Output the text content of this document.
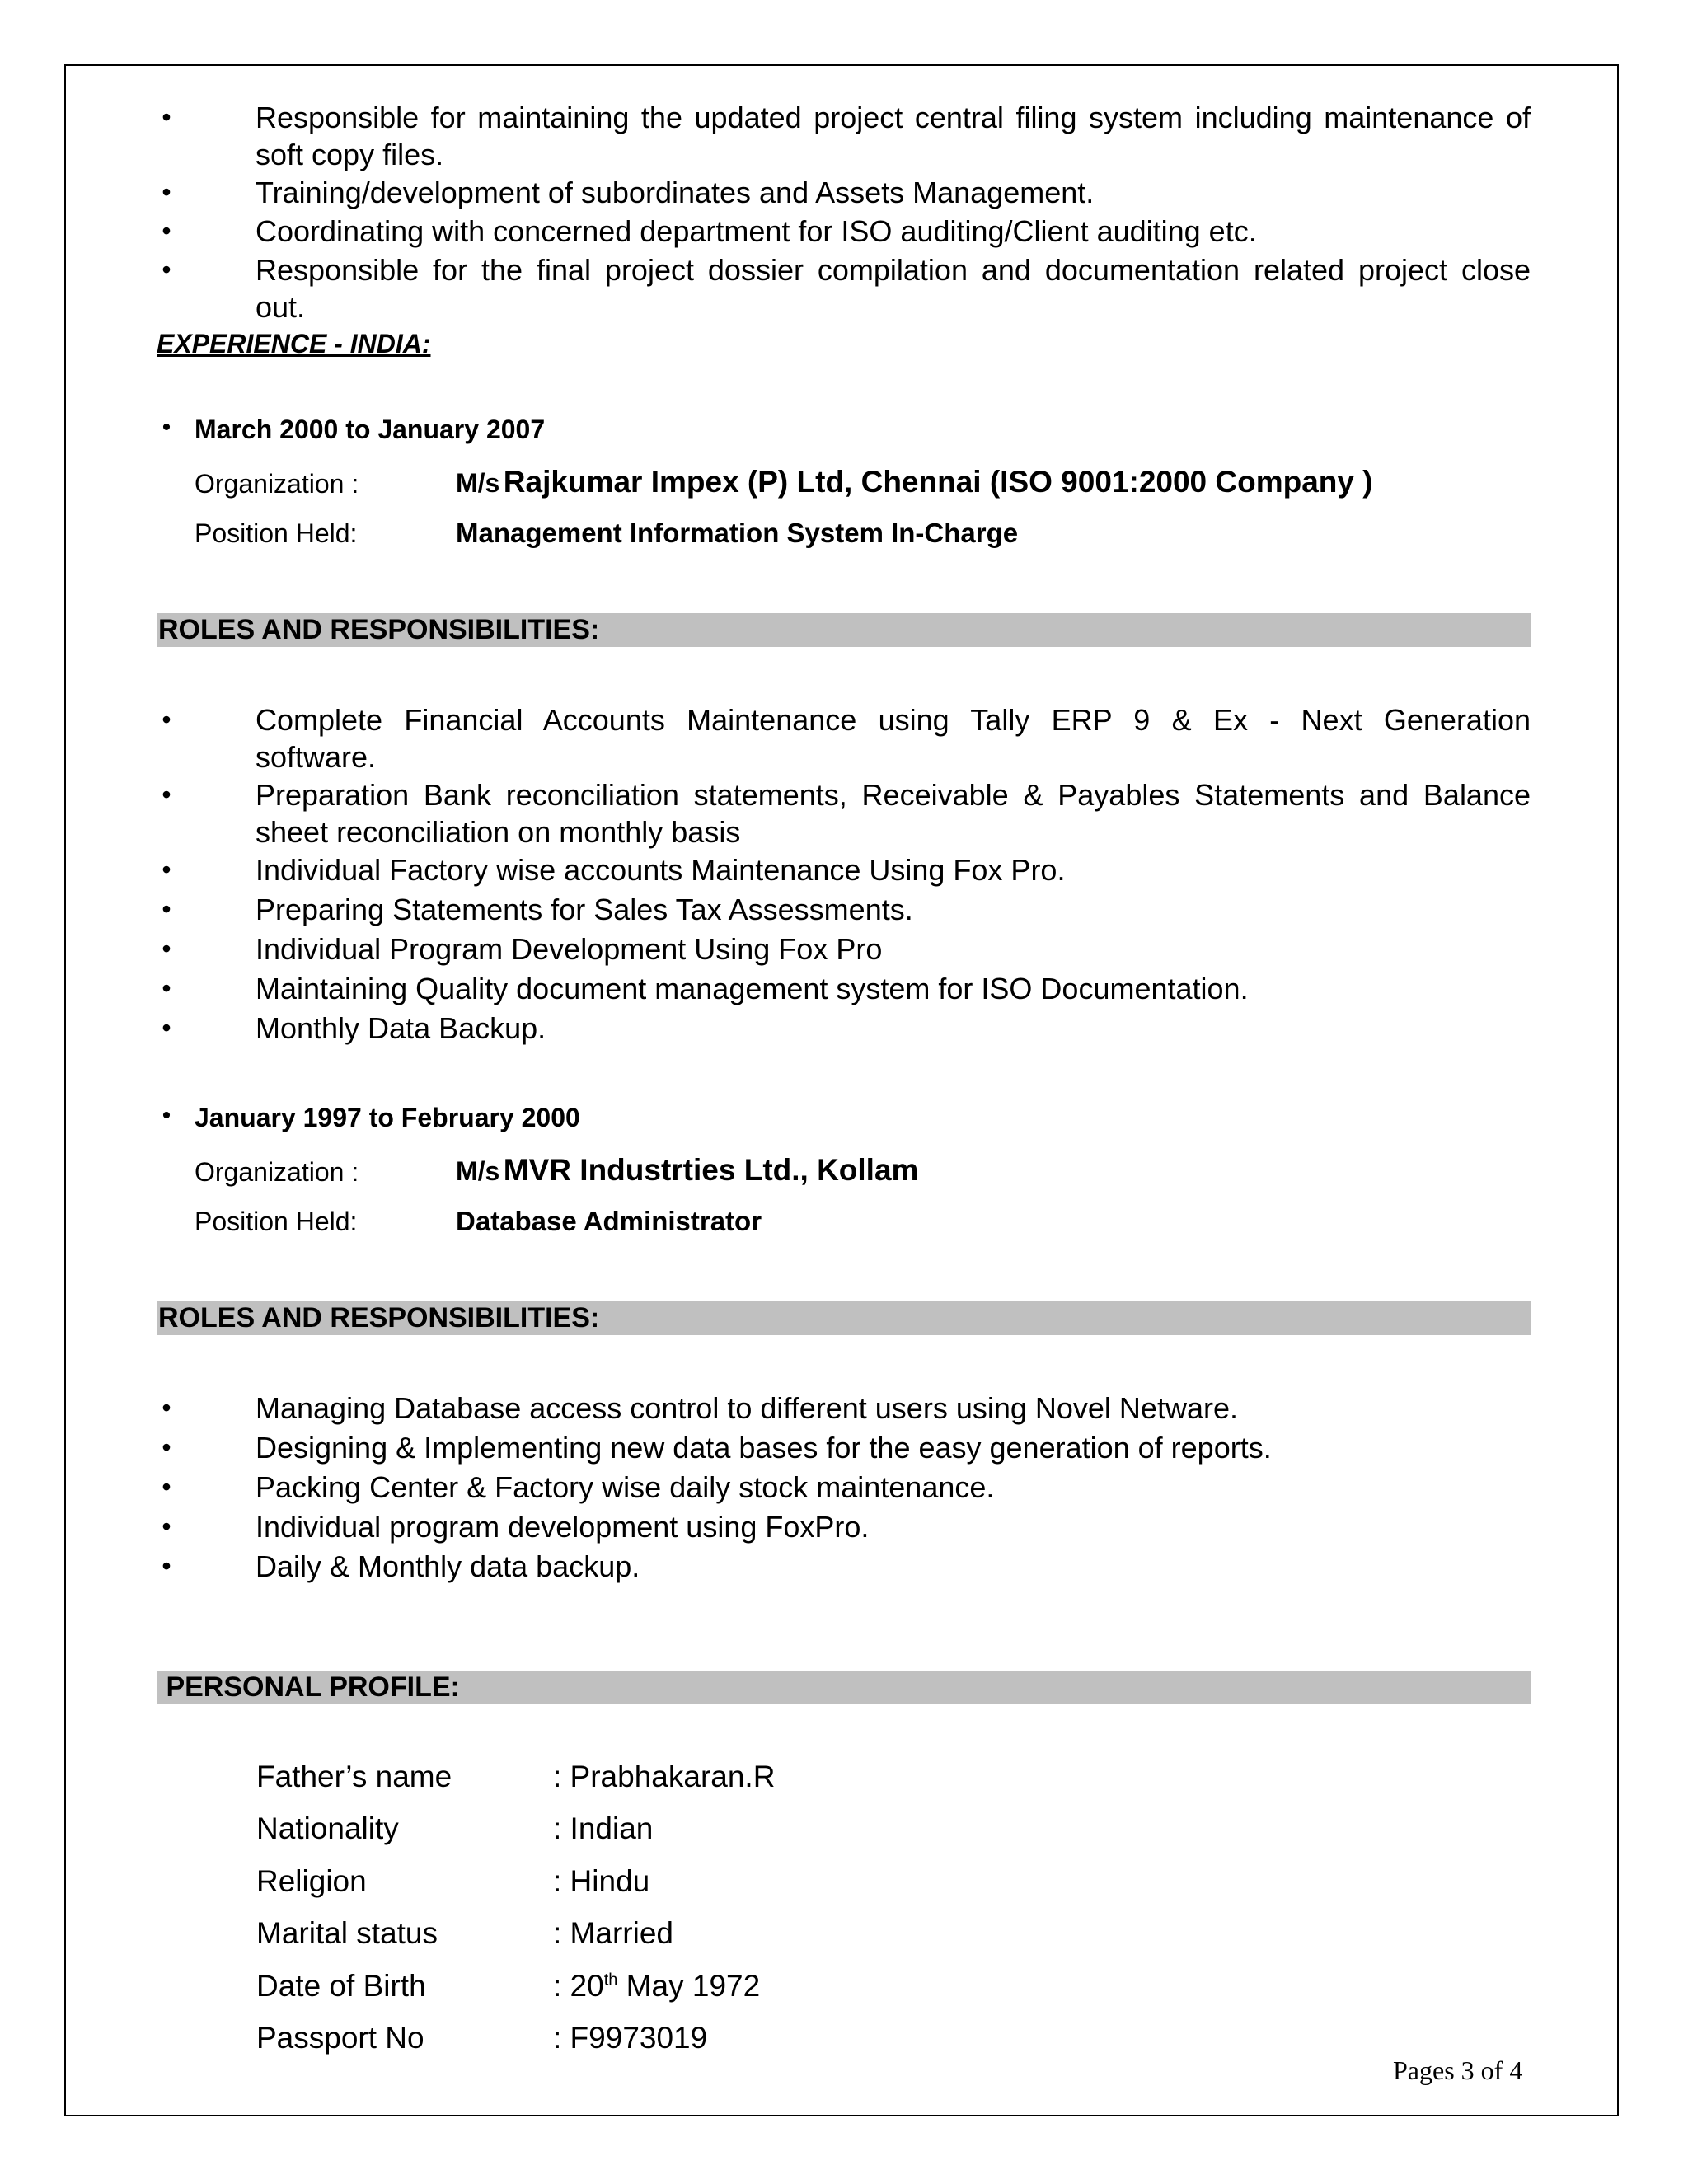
•	Responsible for maintaining the updated project central filing system including maintenance of
soft copy files.
•	Training/development of subordinates and Assets Management.
•	Coordinating with concerned department for ISO auditing/Client auditing etc.
•	Responsible for the final project dossier compilation and documentation related project close
out.
EXPERIENCE - INDIA:
• March 2000 to January 2007
Organization :	M/s Rajkumar Impex (P) Ltd, Chennai (ISO 9001:2000 Company )
Position Held:	Management Information System In-Charge
ROLES AND RESPONSIBILITIES:
•	Complete Financial Accounts Maintenance using Tally ERP 9 & Ex - Next Generation
software.
•	Preparation Bank reconciliation statements, Receivable & Payables Statements and Balance
sheet reconciliation on monthly basis
•	Individual Factory wise accounts Maintenance Using Fox Pro.
•	Preparing Statements for Sales Tax Assessments.
•	Individual Program Development Using Fox Pro
•	Maintaining Quality document management system for ISO Documentation.
•	Monthly Data Backup.
• January 1997 to February 2000
Organization :	M/s MVR Industrties Ltd., Kollam
Position Held:	Database Administrator
ROLES AND RESPONSIBILITIES:
•	Managing Database access control to different users using Novel Netware.
•	Designing & Implementing new data bases for the easy generation of reports.
•	Packing Center & Factory wise daily stock maintenance.
•	Individual program development using FoxPro.
•	Daily & Monthly data backup.
PERSONAL PROFILE:
Father’s name	: Prabhakaran.R
Nationality	: Indian
Religion	: Hindu
Marital status	: Married
Date of Birth	: 20th May 1972
Passport No	: F9973019
Pages 3 of 4
